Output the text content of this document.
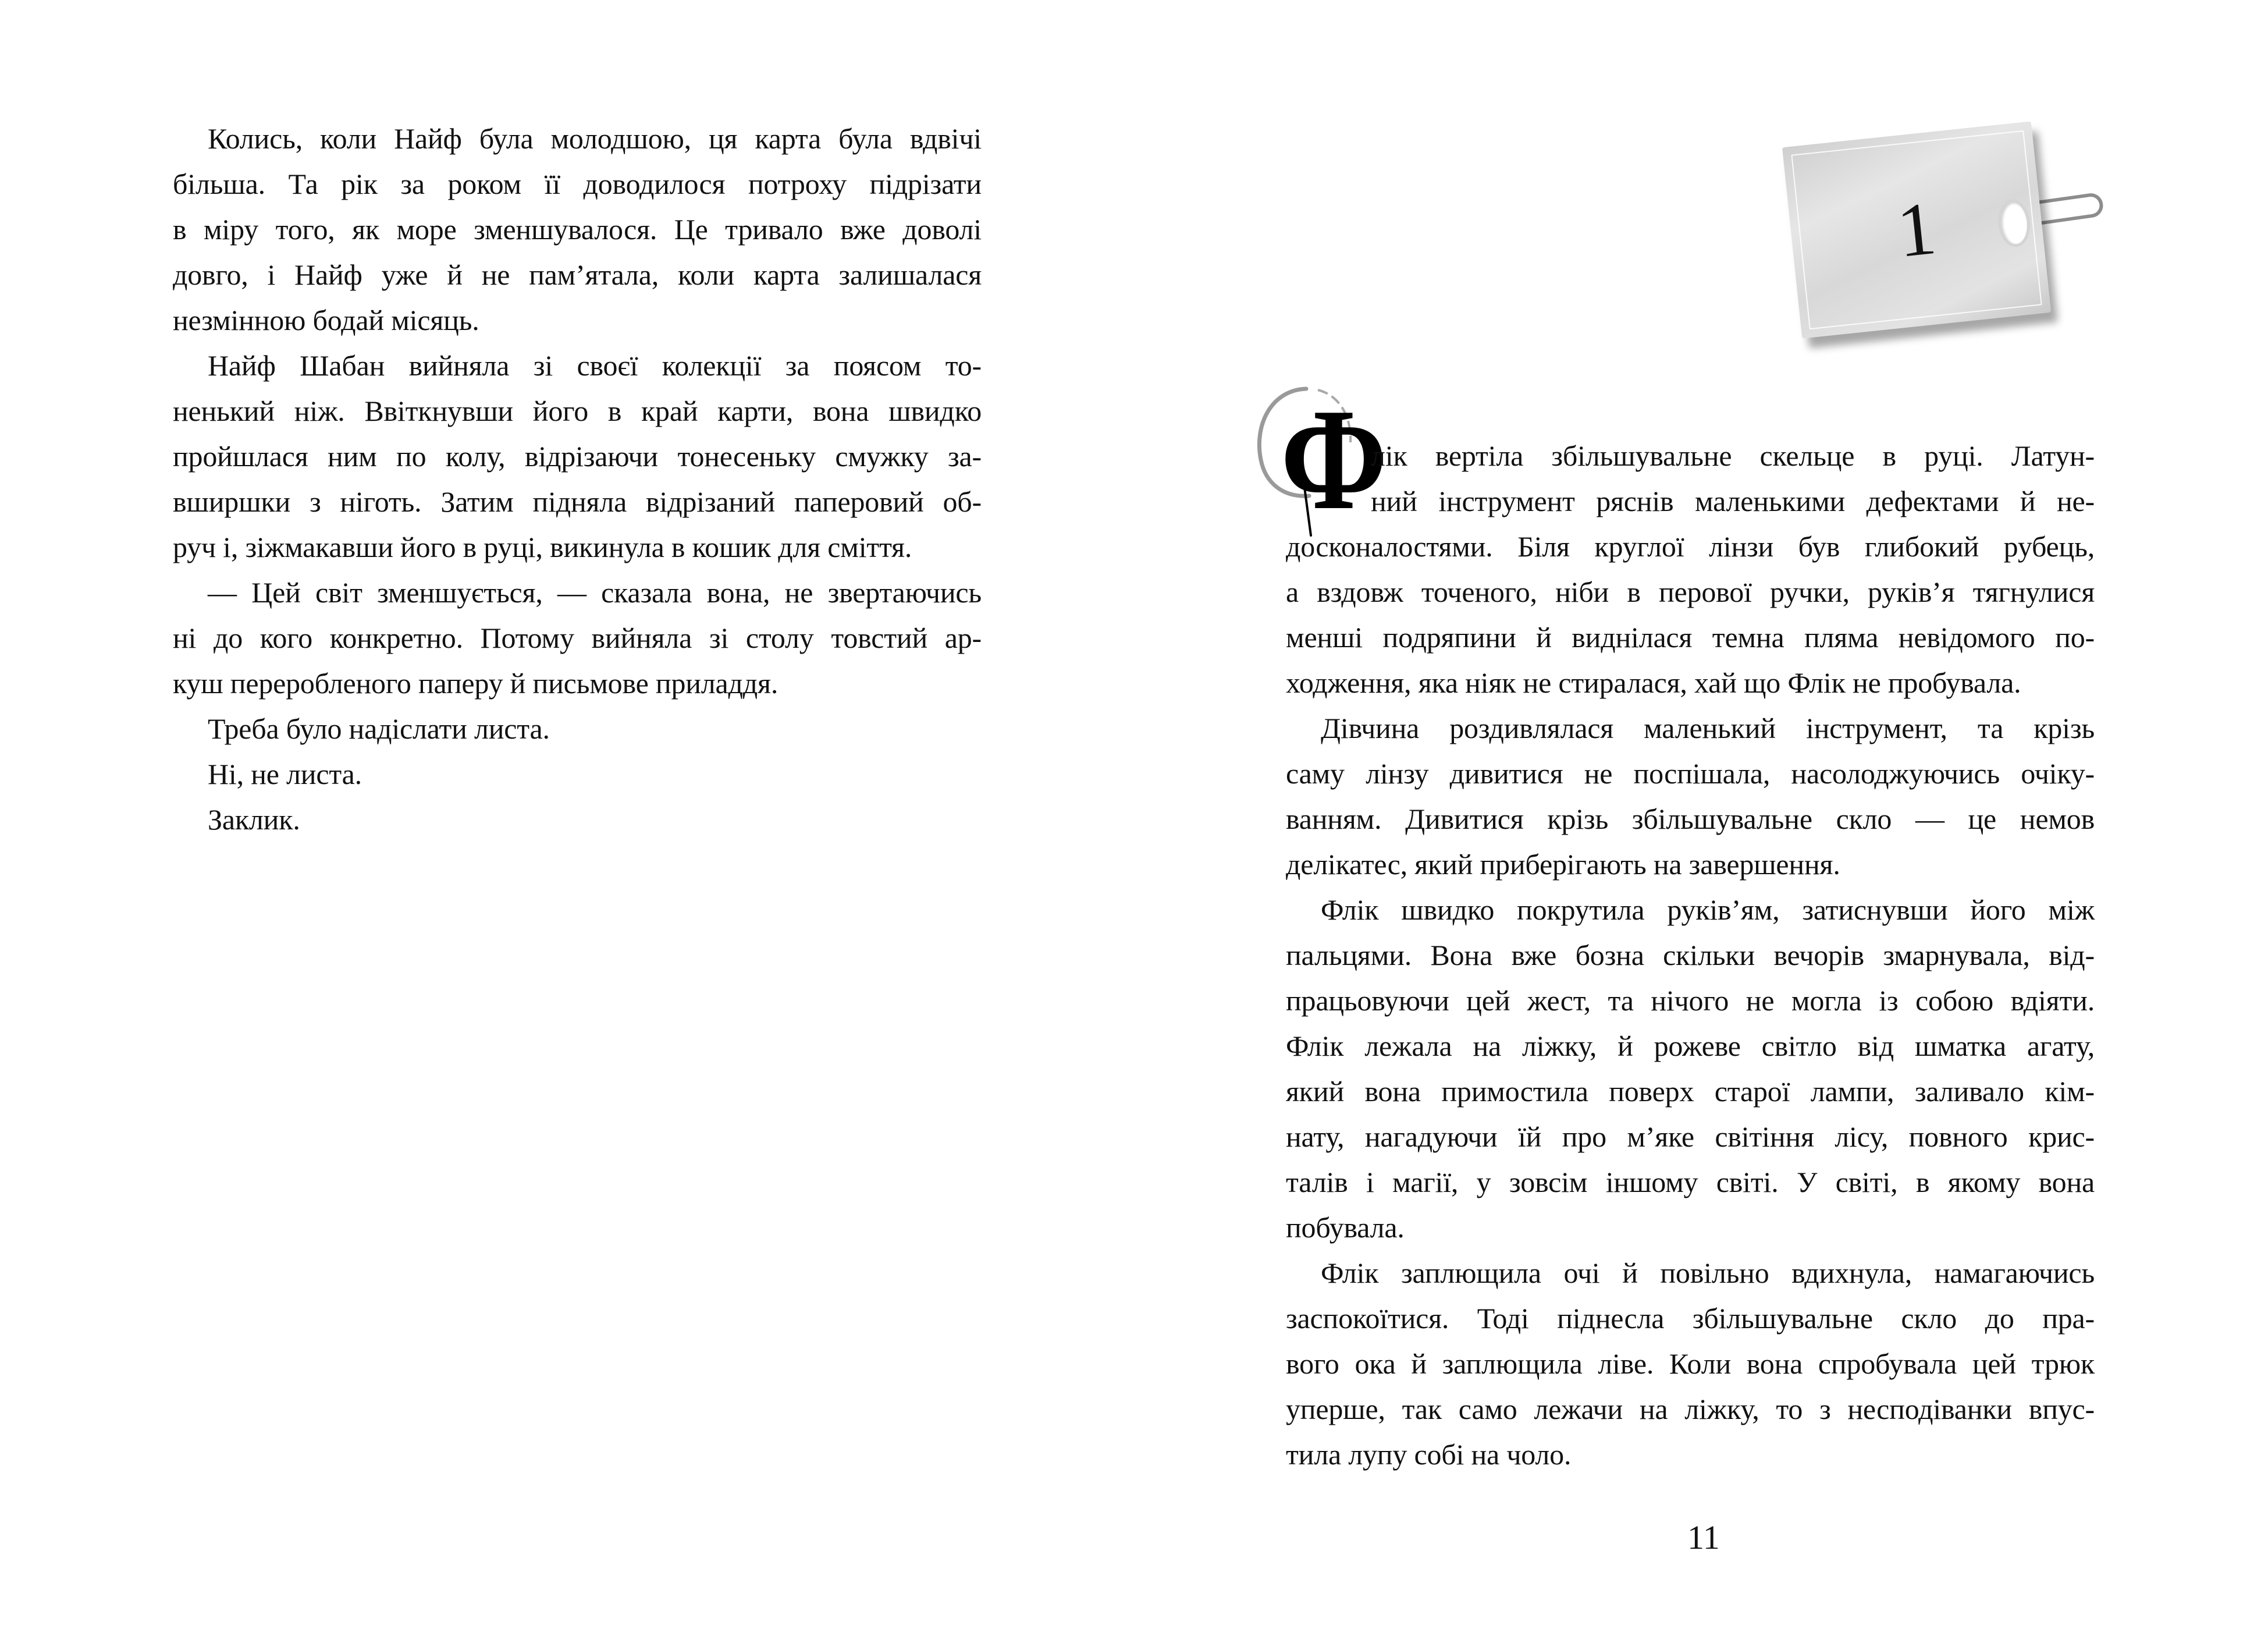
Колись, коли Найф була молодшою, ця карта була вдвічі
більша. Та рік за роком її доводилося потроху підрізати
в міру того, як море зменшувалося. Це тривало вже доволі
довго, і Найф уже й не пам’ятала, коли карта залишалася
незмінною бодай місяць.
Найф Шабан вийняла зі своєї колекції за поясом то-
ненький ніж. Ввіткнувши його в край карти, вона швидко
пройшлася ним по колу, відрізаючи тонесеньку смужку за-
вширшки з ніготь. Затим підняла відрізаний паперовий об-
руч і, зіжмакавши його в руці, викинула в кошик для сміття.
— Цей світ зменшується, — сказала вона, не звертаючись
ні до кого конкретно. Потому вийняла зі столу товстий ар-
куш перероблeного паперу й письмове приладдя.
Треба було надіслати листа.
Ні, не листа.
Заклик.
1
Ф
лік вертіла збільшувальне скельце в руці. Латун-
ний інструмент ряснів маленькими дефектами й не-
досконалостями. Біля круглої лінзи був глибокий рубець,
а вздовж точеного, ніби в перової ручки, руків’я тягнулися
менші подряпини й виднілася темна пляма невідомого по-
ходження, яка ніяк не стиралася, хай що Флік не пробувала.
Дівчина роздивлялася маленький інструмент, та крізь
саму лінзу дивитися не поспішала, насолоджуючись очіку-
ванням. Дивитися крізь збільшувальне скло — це немов
делікатес, який приберігають на завершення.
Флік швидко покрутила руків’ям, затиснувши його між
пальцями. Вона вже бозна скільки вечорів змарнувала, від-
працьовуючи цей жест, та нічого не могла із собою вдіяти.
Флік лежала на ліжку, й рожеве світло від шматка агату,
який вона примостила поверх старої лампи, заливало кім-
нату, нагадуючи їй про м’яке світіння лісу, повного крис-
талів і магії, у зовсім іншому світі. У світі, в якому вона
побувала.
Флік заплющила очі й повільно вдихнула, намагаючись
заспокоїтися. Тоді піднесла збільшувальне скло до пра-
вого ока й заплющила ліве. Коли вона спробувала цей трюк
уперше, так само лежачи на ліжку, то з несподіванки впус-
тила лупу собі на чоло.
11
